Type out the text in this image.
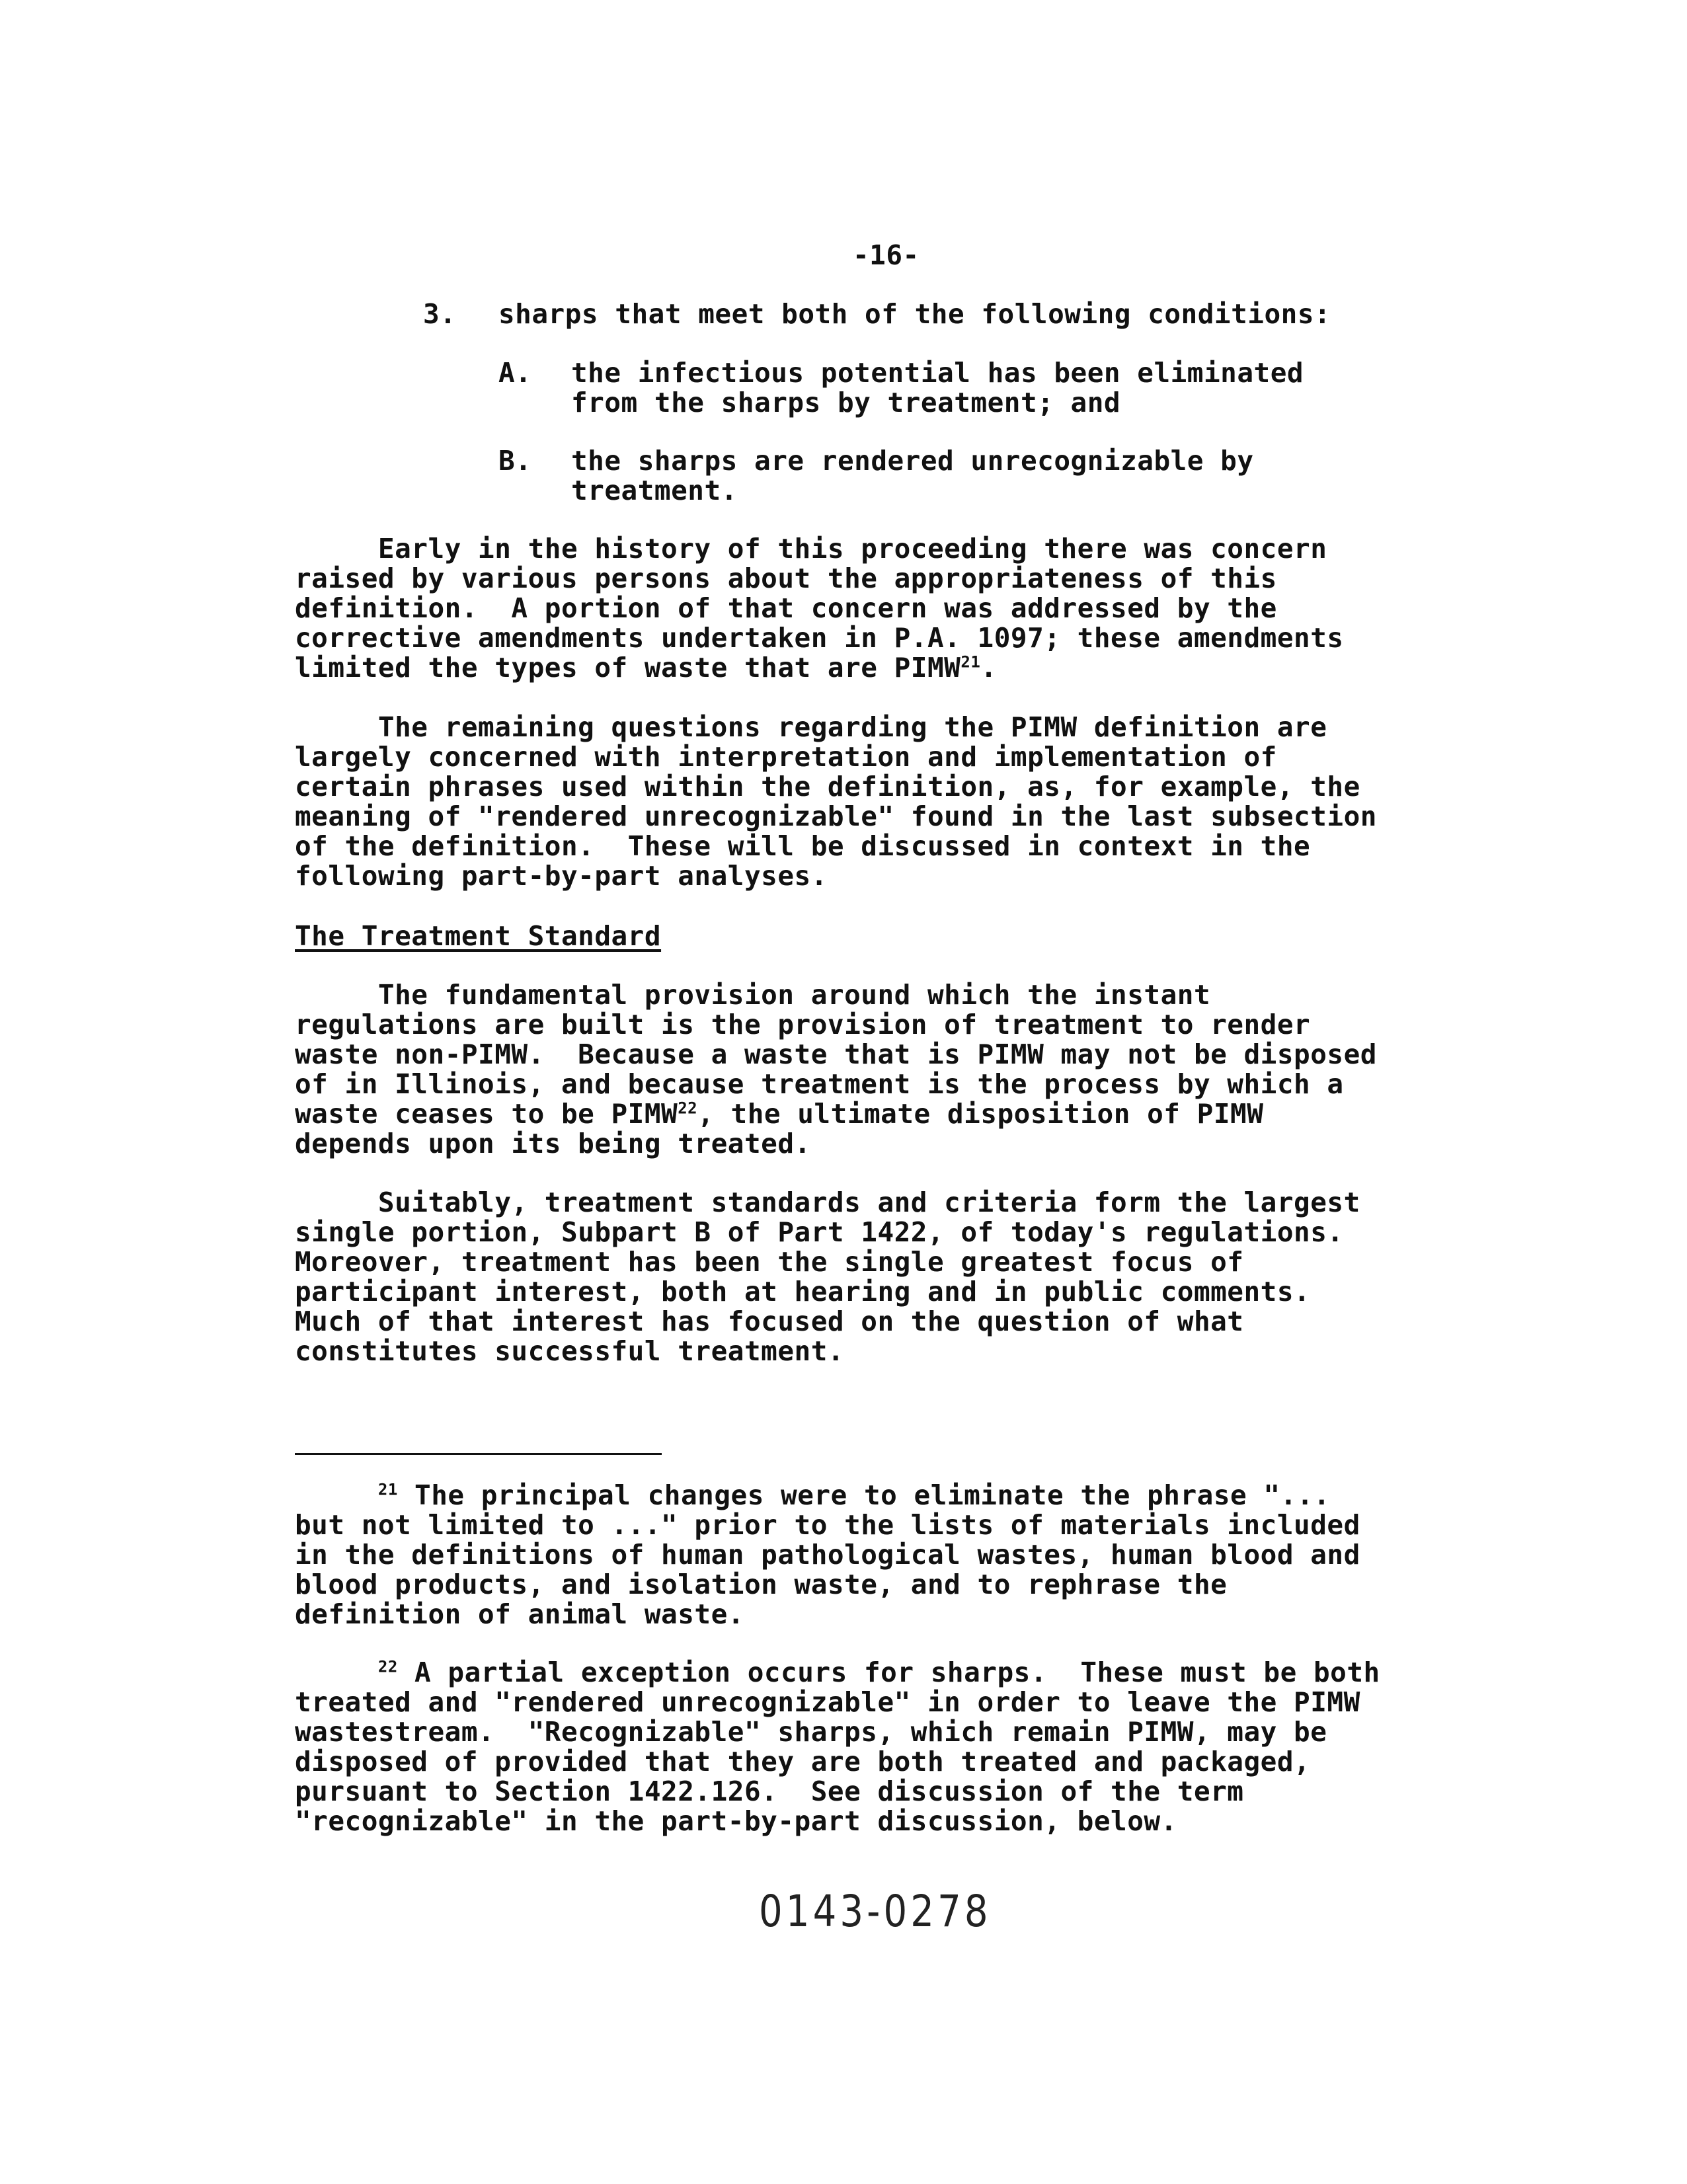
-16-

3. sharps that meet both of the following conditions:

A. the infectious potential has been eliminated
from the sharps by treatment; and

B. the sharps are rendered unrecognizable by
treatment.

Early in the history of this proceeding there was concern
raised by various persons about the appropriateness of this
definition.  A portion of that concern was addressed by the
corrective amendments undertaken in P.A. 1097; these amendments
limited the types of waste that are PIMW$^{21}$.

The remaining questions regarding the PIMW definition are
largely concerned with interpretation and implementation of
certain phrases used within the definition, as, for example, the
meaning of "rendered unrecognizable" found in the last subsection
of the definition.  These will be discussed in context in the
following part-by-part analyses.

The Treatment Standard

The fundamental provision around which the instant
regulations are built is the provision of treatment to render
waste non-PIMW.  Because a waste that is PIMW may not be disposed
of in Illinois, and because treatment is the process by which a
waste ceases to be PIMW$^{22}$, the ultimate disposition of PIMW
depends upon its being treated.

Suitably, treatment standards and criteria form the largest
single portion, Subpart B of Part 1422, of today's regulations.
Moreover, treatment has been the single greatest focus of
participant interest, both at hearing and in public comments.
Much of that interest has focused on the question of what
constitutes successful treatment.

$^{21}$ The principal changes were to eliminate the phrase "...
but not limited to ..." prior to the lists of materials included
in the definitions of human pathological wastes, human blood and
blood products, and isolation waste, and to rephrase the
definition of animal waste.

$^{22}$ A partial exception occurs for sharps.  These must be both
treated and "rendered unrecognizable" in order to leave the PIMW
wastestream.  "Recognizable" sharps, which remain PIMW, may be
disposed of provided that they are both treated and packaged,
pursuant to Section 1422.126.  See discussion of the term
"recognizable" in the part-by-part discussion, below.

0143-0278
